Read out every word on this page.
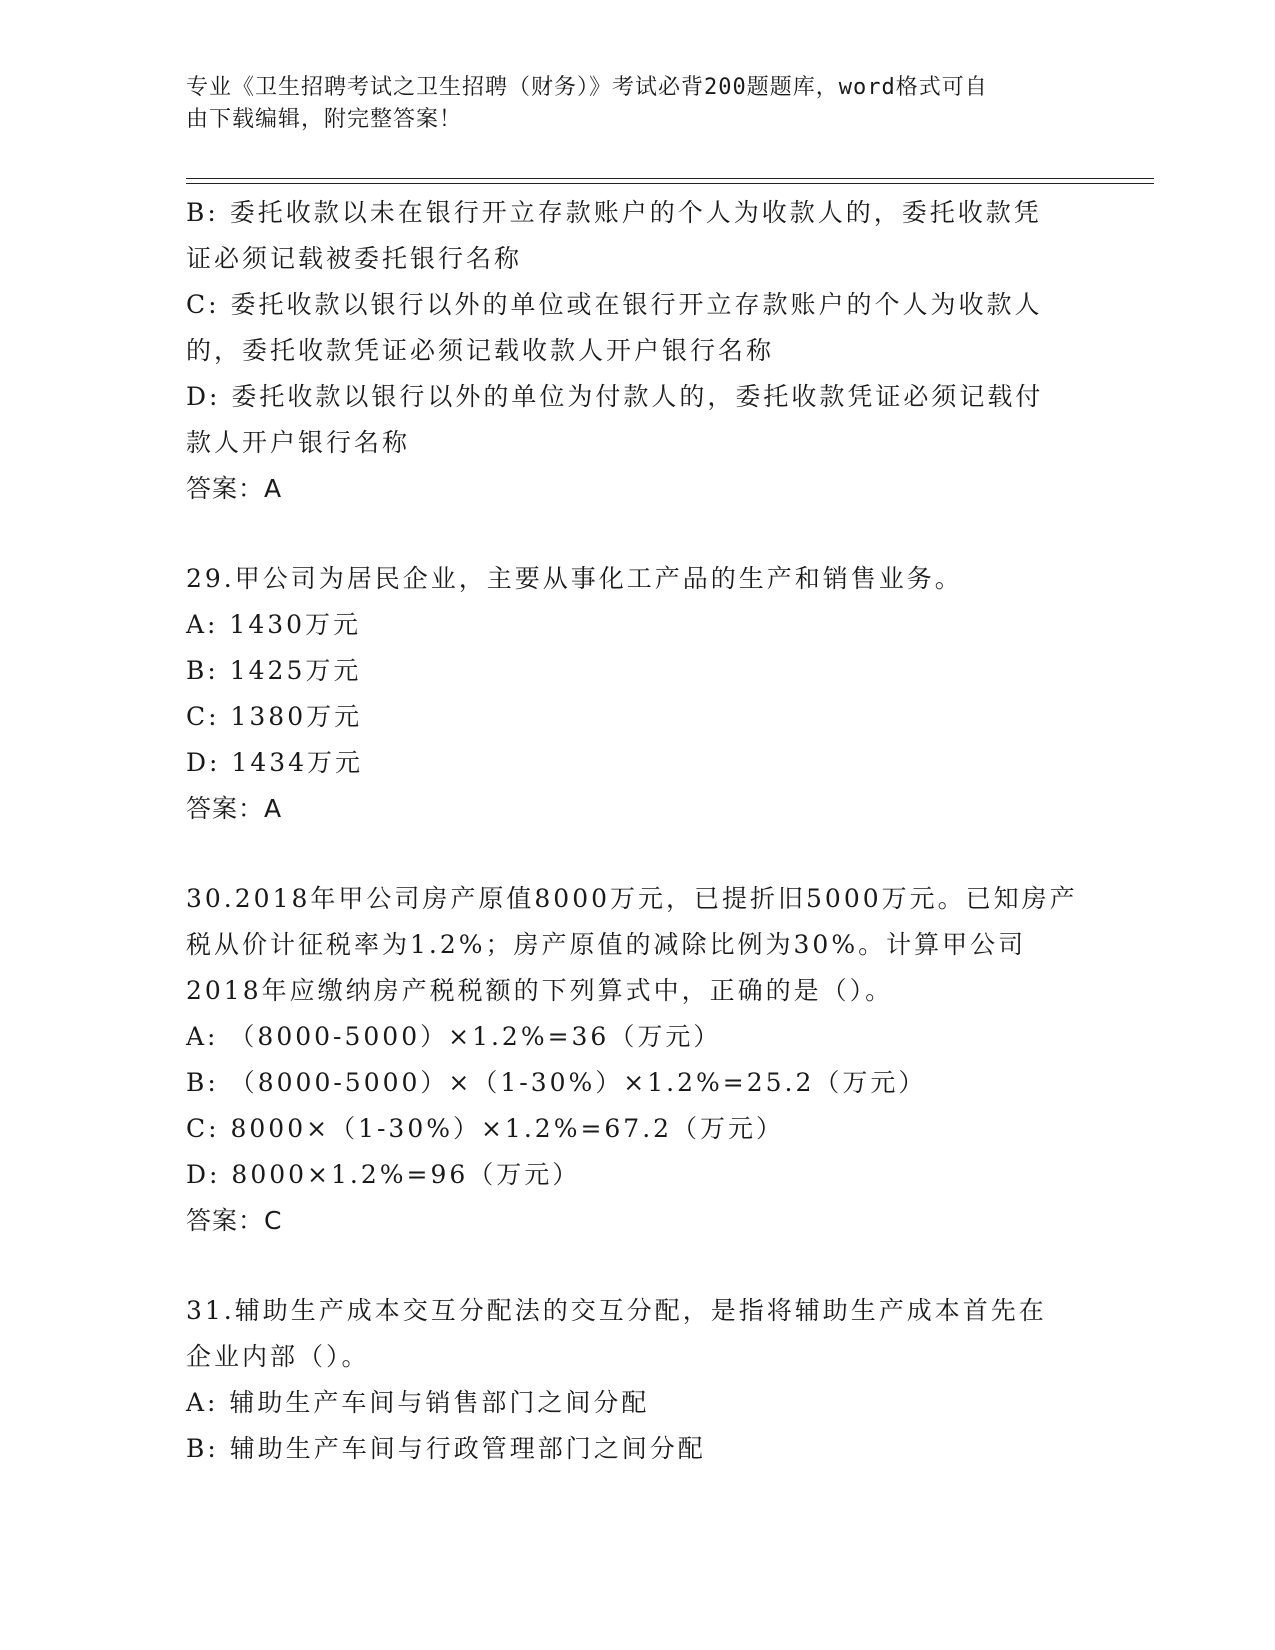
专业《卫生招聘考试之卫生招聘（财务）》考试必背200题题库，word格式可自
由下载编辑，附完整答案！
B: 委托收款以未在银行开立存款账户的个人为收款人的，委托收款凭
证必须记载被委托银行名称
C: 委托收款以银行以外的单位或在银行开立存款账户的个人为收款人
的，委托收款凭证必须记载收款人开户银行名称
D: 委托收款以银行以外的单位为付款人的，委托收款凭证必须记载付
款人开户银行名称
答案：A
29.甲公司为居民企业，主要从事化工产品的生产和销售业务。
A: 1430万元
B: 1425万元
C: 1380万元
D: 1434万元
答案：A
30.2018年甲公司房产原值8000万元，已提折旧5000万元。已知房产
税从价计征税率为1.2%；房产原值的减除比例为30%。计算甲公司
2018年应缴纳房产税税额的下列算式中，正确的是（）。
A: （8000-5000）×1.2%=36（万元）
B: （8000-5000）×（1-30%）×1.2%=25.2（万元）
C: 8000×（1-30%）×1.2%=67.2（万元）
D: 8000×1.2%=96（万元）
答案：C
31.辅助生产成本交互分配法的交互分配，是指将辅助生产成本首先在
企业内部（）。
A: 辅助生产车间与销售部门之间分配
B: 辅助生产车间与行政管理部门之间分配
